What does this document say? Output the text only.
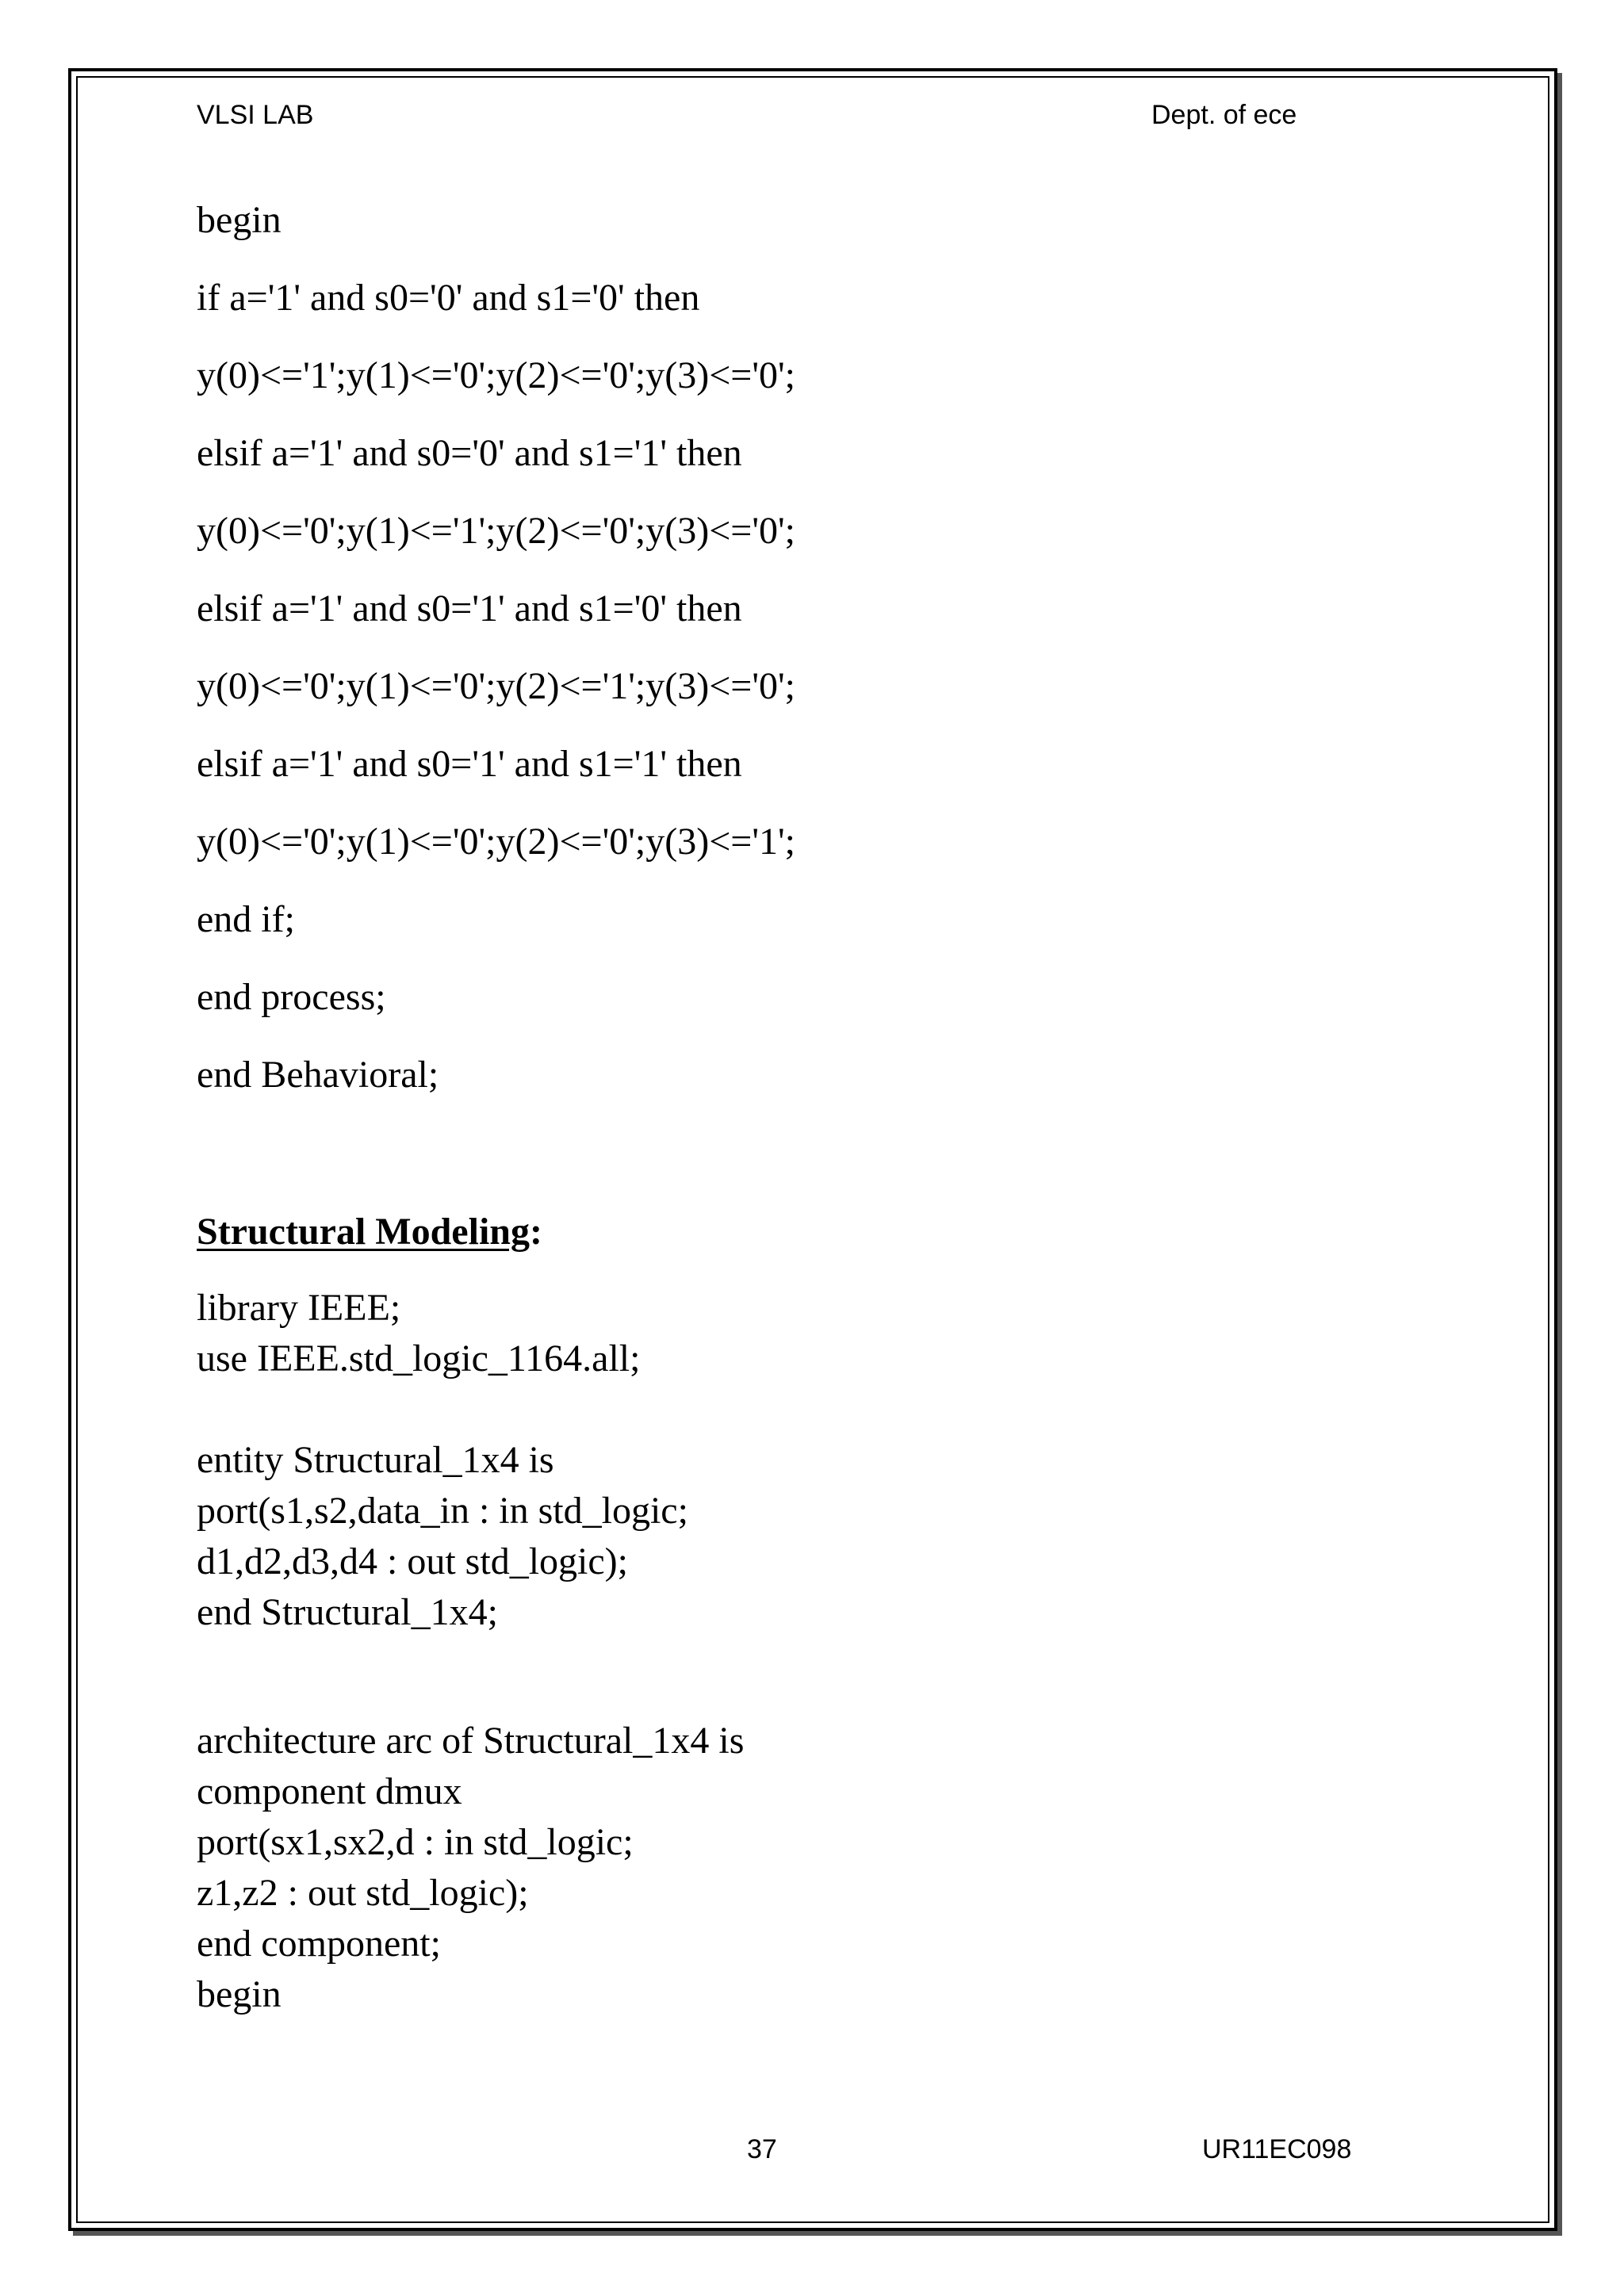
VLSI LAB	Dept. of ece
begin
if a='1' and s0='0' and s1='0' then
y(0)<='1';y(1)<='0';y(2)<='0';y(3)<='0';
elsif a='1' and s0='0' and s1='1' then
y(0)<='0';y(1)<='1';y(2)<='0';y(3)<='0';
elsif a='1' and s0='1' and s1='0' then
y(0)<='0';y(1)<='0';y(2)<='1';y(3)<='0';
elsif a='1' and s0='1' and s1='1' then
y(0)<='0';y(1)<='0';y(2)<='0';y(3)<='1';
end if;
end process;
end Behavioral;
Structural Modeling:
library IEEE;
use IEEE.std_logic_1164.all;
entity Structural_1x4 is
port(s1,s2,data_in : in std_logic;
d1,d2,d3,d4 : out std_logic);
end Structural_1x4;
architecture arc of Structural_1x4 is
component dmux
port(sx1,sx2,d : in std_logic;
z1,z2 : out std_logic);
end component;
begin
37	UR11EC098
